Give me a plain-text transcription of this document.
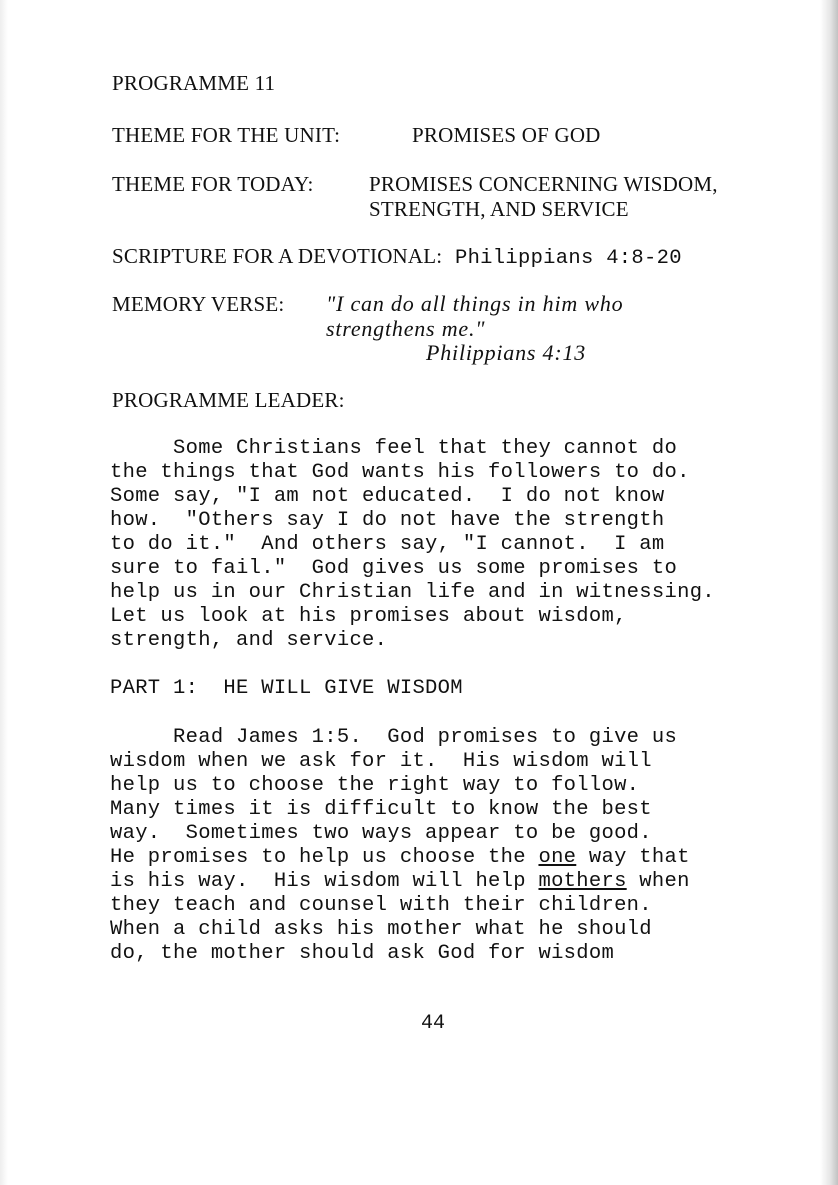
PROGRAMME 11
THEME FOR THE UNIT:	PROMISES OF GOD
THEME FOR TODAY:	PROMISES CONCERNING WISDOM,
STRENGTH, AND SERVICE
SCRIPTURE FOR A DEVOTIONAL: Philippians 4:8-20
MEMORY VERSE: "I can do all things in him who
strengthens me."
Philippians 4:13
PROGRAMME LEADER:
Some Christians feel that they cannot do
the things that God wants his followers to do.
Some say, "I am not educated.  I do not know
how.  "Others say I do not have the strength
to do it."  And others say, "I cannot.  I am
sure to fail."  God gives us some promises to
help us in our Christian life and in witnessing.
Let us look at his promises about wisdom,
strength, and service.
PART 1:  HE WILL GIVE WISDOM
Read James 1:5.  God promises to give us
wisdom when we ask for it.  His wisdom will
help us to choose the right way to follow.
Many times it is difficult to know the best
way.  Sometimes two ways appear to be good.
He promises to help us choose the one way that
is his way.  His wisdom will help mothers when
they teach and counsel with their children.
When a child asks his mother what he should
do, the mother should ask God for wisdom
44
